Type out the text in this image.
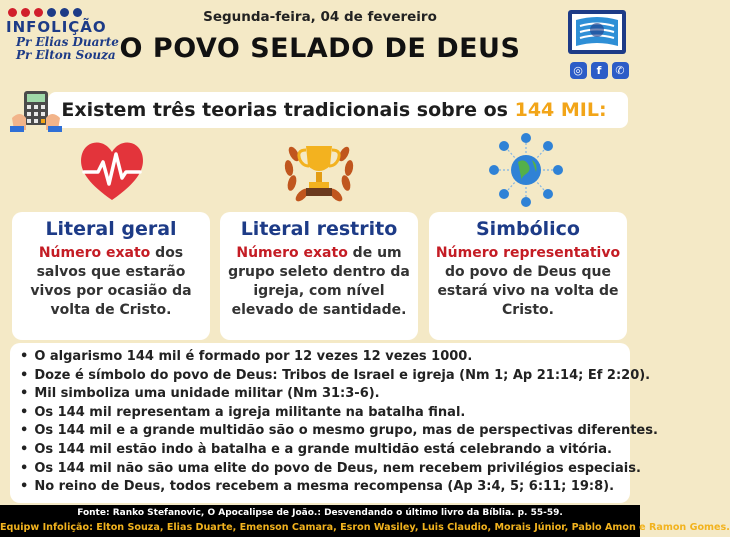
INFOLIÇÃO
Pr Elias Duarte
Pr Elton Souza
Segunda-feira, 04 de fevereiro
O POVO SELADO DE DEUS
◎	f	✆
Existem três teorias tradicionais sobre os 144 MIL:
Literal geral

Número exato dos salvos que estarão vivos por ocasião da volta de Cristo.

Literal restrito

Número exato de um grupo seleto dentro da igreja, com nível elevado de santidade.

Simbólico

Número representativo do povo de Deus que estará vivo na volta de Cristo.

• O algarismo 144 mil é formado por 12 vezes 12 vezes 1000.
• Doze é símbolo do povo de Deus: Tribos de Israel e igreja (Nm 1; Ap 21:14; Ef 2:20).
• Mil simboliza uma unidade militar (Nm 31:3-6).
• Os 144 mil representam a igreja militante na batalha final.
• Os 144 mil e a grande multidão são o mesmo grupo, mas de perspectivas diferentes.
• Os 144 mil estão indo à batalha e a grande multidão está celebrando a vitória.
• Os 144 mil não são uma elite do povo de Deus, nem recebem privilégios especiais.
• No reino de Deus, todos recebem a mesma recompensa (Ap 3:4, 5; 6:11; 19:8).
Fonte: Ranko Stefanovic, O Apocalipse de João.: Desvendando o último livro da Bíblia. p. 55-59.
Equipw Infolição: Elton Souza, Elias Duarte, Emenson Camara, Esron Wasiley, Luis Claudio, Morais Júnior, Pablo Amon e Ramon Gomes.
